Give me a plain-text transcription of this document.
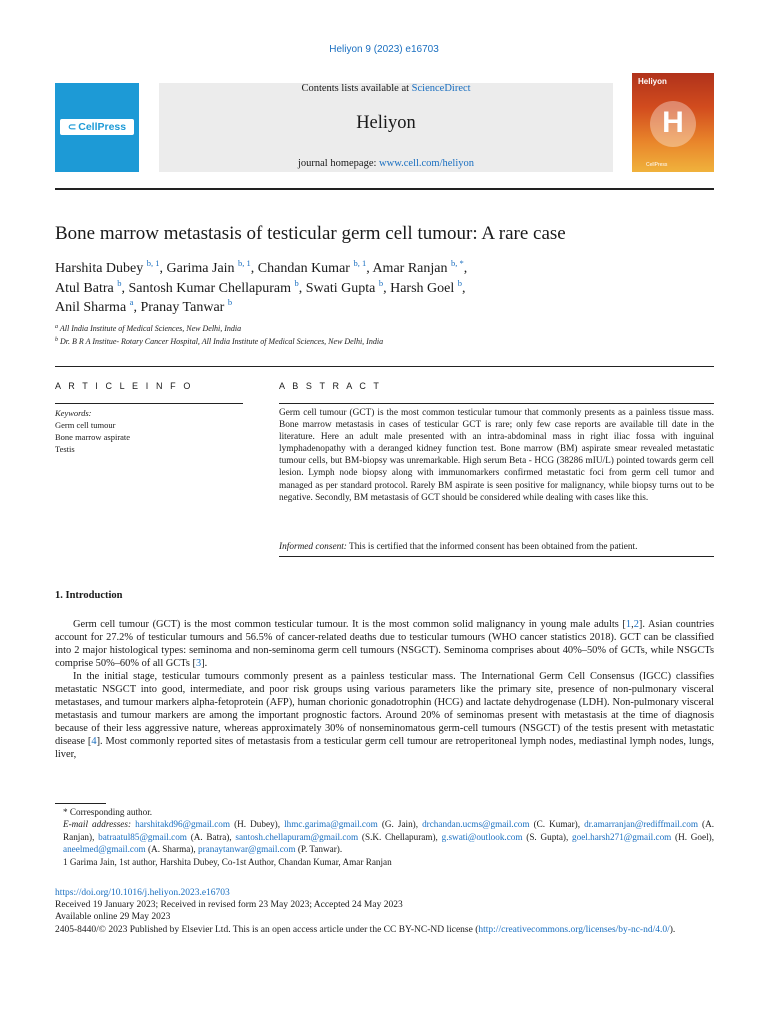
Heliyon 9 (2023) e16703
⊂ CellPress
Contents lists available at ScienceDirect
Heliyon
journal homepage: www.cell.com/heliyon
Heliyon
H
CellPress
Bone marrow metastasis of testicular germ cell tumour: A rare case
Harshita Dubey $^{b, 1}$, Garima Jain $^{b, 1}$, Chandan Kumar $^{b, 1}$, Amar Ranjan $^{b, *}$,
Atul Batra $^b$, Santosh Kumar Chellapuram $^b$, Swati Gupta $^b$, Harsh Goel $^b$,
Anil Sharma $^a$, Pranay Tanwar $^b$
$^a$ All India Institute of Medical Sciences, New Delhi, India
$^b$ Dr. B R A Institue- Rotary Cancer Hospital, All India Institute of Medical Sciences, New Delhi, India
A R T I C L E I N F O
Keywords:
Germ cell tumour
Bone marrow aspirate
Testis
A B S T R A C T
Germ cell tumour (GCT) is the most common testicular tumour that commonly presents as a painless tissue mass. Bone marrow metastasis in cases of testicular GCT is rare; only few case reports are available till date in the literature. Here an adult male presented with an intra-abdominal mass in right iliac fossa with inguinal lymphadenopathy with a deranged kidney function test. Bone marrow (BM) aspirate smear revealed metastatic tumour cells, but BM-biopsy was unremarkable. High serum Beta - HCG (38286 mIU/L) pointed towards germ cell lesion. Lymph node biopsy along with immunomarkers confirmed metastatic foci from germ cell tumor and managed as per standard protocol. Rarely BM aspirate is seen positive for malignancy, while biopsy turns out to be negative. Secondly, BM metastasis of GCT should be considered while dealing with cases like this.
Informed consent: This is certified that the informed consent has been obtained from the patient.
1. Introduction

Germ cell tumour (GCT) is the most common testicular tumour. It is the most common solid malignancy in young male adults [1,2]. Asian countries account for 27.2% of testicular tumours and 56.5% of cancer-related deaths due to testicular tumours (WHO cancer statistics 2018). GCT can be classified into 2 major histological types: seminoma and non-seminoma germ cell tumours (NSGCT). Seminoma comprises about 40%–50% of GCTs, while NSGCTs comprise 50%–60% of all GCTs [3].

In the initial stage, testicular tumours commonly present as a painless testicular mass. The International Germ Cell Consensus (IGCC) classifies metastatic NSGCT into good, intermediate, and poor risk groups using various parameters like the primary site, presence of non-pulmonary visceral metastases, and tumour markers alpha-fetoprotein (AFP), human chorionic gonadotrophin (HCG) and lactate dehydrogenase (LDH). Non-pulmonary visceral metastasis and tumour markers are among the important prognostic factors. Around 20% of seminomas present with metastasis at the time of diagnosis because of their less aggressive nature, whereas approximately 30% of nonseminomatous germ-cell tumours (NSGCT) of the testis present with metastatic disease [4]. Most commonly reported sites of metastasis from a testicular germ cell tumour are retroperitoneal lymph nodes, mediastinal lymph nodes, lungs, liver,

* Corresponding author.
E-mail addresses: harshitakd96@gmail.com (H. Dubey), lhmc.garima@gmail.com (G. Jain), drchandan.ucms@gmail.com (C. Kumar), dr.amarranjan@rediffmail.com (A. Ranjan), batraatul85@gmail.com (A. Batra), santosh.chellapuram@gmail.com (S.K. Chellapuram), g.swati@outlook.com (S. Gupta), goel.harsh271@gmail.com (H. Goel), aneelmed@gmail.com (A. Sharma), pranaytanwar@gmail.com (P. Tanwar).
1 Garima Jain, 1st author, Harshita Dubey, Co-1st Author, Chandan Kumar, Amar Ranjan
https://doi.org/10.1016/j.heliyon.2023.e16703
Received 19 January 2023; Received in revised form 23 May 2023; Accepted 24 May 2023
Available online 29 May 2023
2405-8440/© 2023 Published by Elsevier Ltd. This is an open access article under the CC BY-NC-ND license (http://creativecommons.org/licenses/by-nc-nd/4.0/).
